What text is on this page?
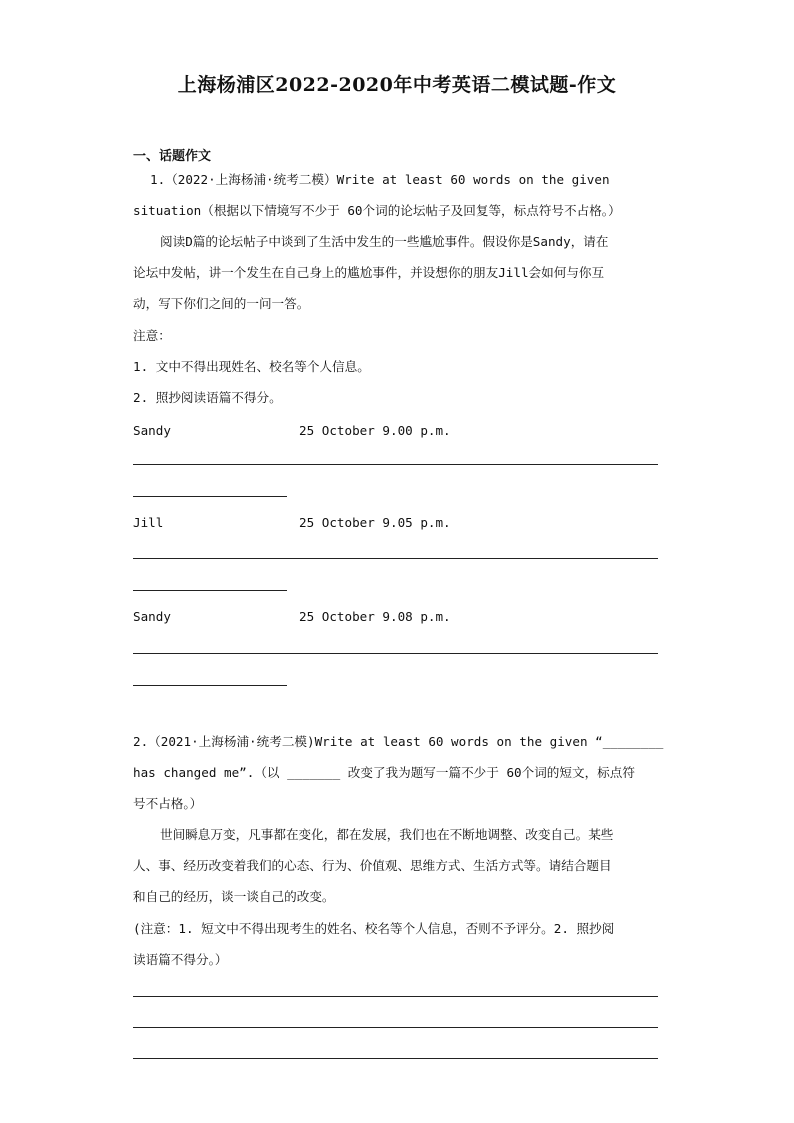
上海杨浦区2022-2020年中考英语二模试题-作文
一、话题作文
1.（2022·上海杨浦·统考二模）Write at least 60 words on the given
situation（根据以下情境写不少于 60个词的论坛帖子及回复等，标点符号不占格。）
阅读D篇的论坛帖子中谈到了生活中发生的一些尴尬事件。假设你是Sandy，请在
论坛中发帖，讲一个发生在自己身上的尴尬事件，并设想你的朋友Jill会如何与你互
动，写下你们之间的一问一答。
注意：
1. 文中不得出现姓名、校名等个人信息。
2. 照抄阅读语篇不得分。
Sandy	25 October 9.00 p.m.
Jill	25 October 9.05 p.m.
Sandy	25 October 9.08 p.m.
2.（2021·上海杨浦·统考二模)Write at least 60 words on the given “________
has changed me”.（以 _______ 改变了我为题写一篇不少于 60个词的短文，标点符
号不占格。）
世间瞬息万变，凡事都在变化，都在发展，我们也在不断地调整、改变自己。某些
人、事、经历改变着我们的心态、行为、价值观、思维方式、生活方式等。请结合题目
和自己的经历，谈一谈自己的改变。
(注意：1. 短文中不得出现考生的姓名、校名等个人信息，否则不予评分。2. 照抄阅
读语篇不得分。）
